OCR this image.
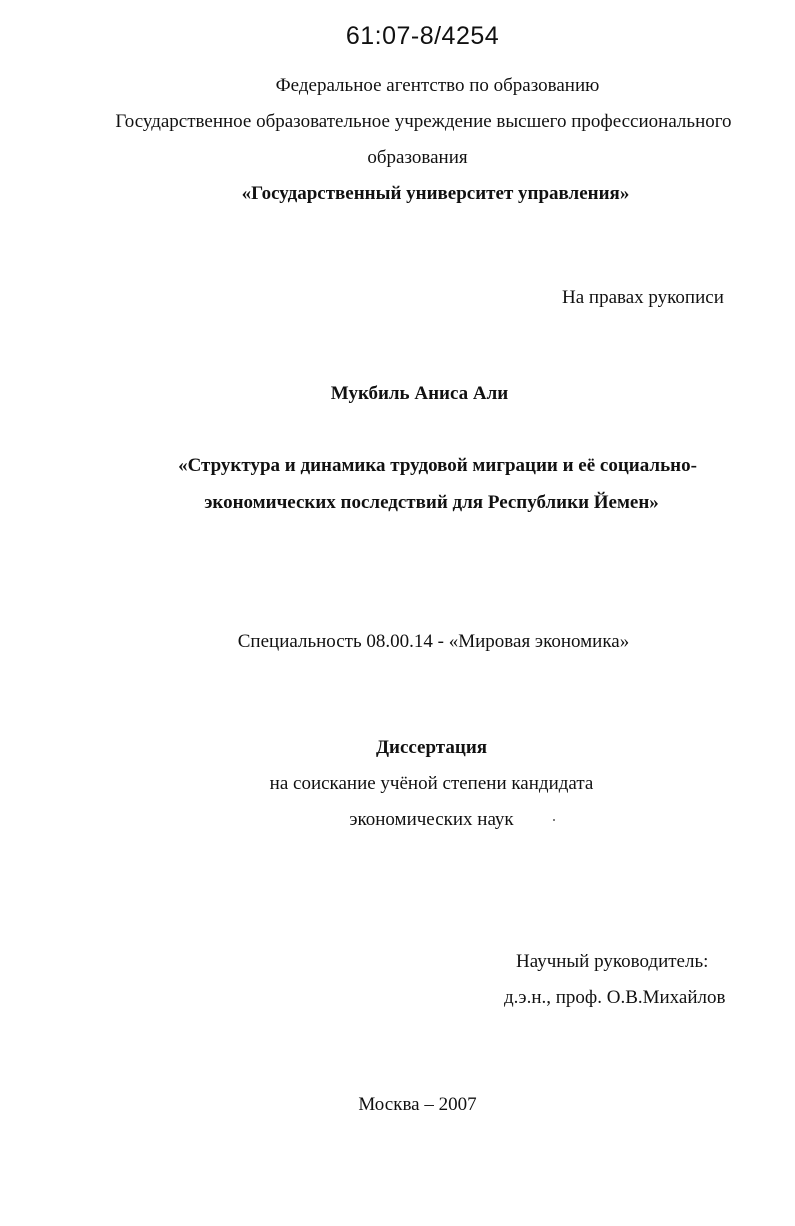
61:07-8/4254
Федеральное агентство по образованию
Государственное образовательное учреждение высшего профессионального
образования
«Государственный университет управления»
На правах рукописи
Мукбиль Аниса Али
«Структура и динамика трудовой миграции и её социально-
экономических последствий для Республики Йемен»
Специальность 08.00.14 - «Мировая экономика»
Диссертация
на соискание учёной степени кандидата
экономических наук
Научный руководитель:
д.э.н., проф. О.В.Михайлов
Москва – 2007
